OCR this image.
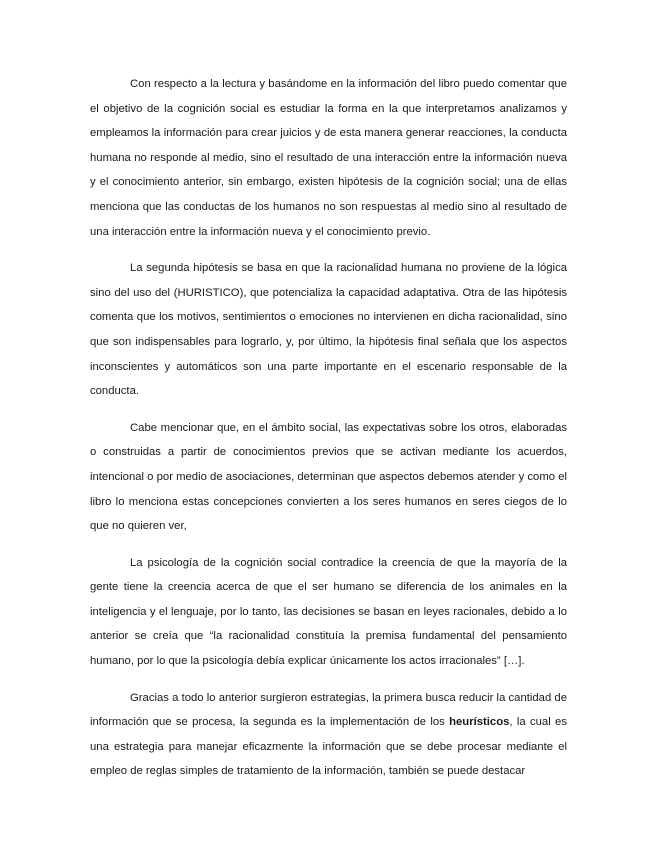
Con respecto a la lectura y basándome en la información del libro puedo comentar que el objetivo de la cognición social es estudiar la forma en la que interpretamos analizamos y empleamos la información para crear juicios y de esta manera generar reacciones, la conducta humana no responde al medio, sino el resultado de una interacción entre la información nueva y el conocimiento anterior, sin embargo, existen hipótesis de la cognición social; una de ellas menciona que las conductas de los humanos no son respuestas al medio sino al resultado de una interacción entre la información nueva y el conocimiento previo.

La segunda hipótesis se basa en que la racionalidad humana no proviene de la lógica sino del uso del (HURISTICO), que potencializa la capacidad adaptativa. Otra de las hipótesis comenta que los motivos, sentimientos o emociones no intervienen en dicha racionalidad, sino que son indispensables para lograrlo, y, por último, la hipótesis final señala que los aspectos inconscientes y automáticos son una parte importante en el escenario responsable de la conducta.

Cabe mencionar que, en el ámbito social, las expectativas sobre los otros, elaboradas o construidas a partir de conocimientos previos que se activan mediante los acuerdos, intencional o por medio de asociaciones, determinan que aspectos debemos atender y como el libro lo menciona estas concepciones convierten a los seres humanos en seres ciegos de lo que no quieren ver,

La psicología de la cognición social contradice la creencia de que la mayoría de la gente tiene la creencia acerca de que el ser humano se diferencia de los animales en la inteligencia y el lenguaje, por lo tanto, las decisiones se basan en leyes racionales, debido a lo anterior se creía que “la racionalidad constituía la premisa fundamental del pensamiento humano, por lo que la psicología debía explicar únicamente los actos irracionales” […].

Gracias a todo lo anterior surgieron estrategias, la primera busca reducir la cantidad de información que se procesa, la segunda es la implementación de los heurísticos, la cual es una estrategia para manejar eficazmente la información que se debe procesar mediante el empleo de reglas simples de tratamiento de la información, también se puede destacar
